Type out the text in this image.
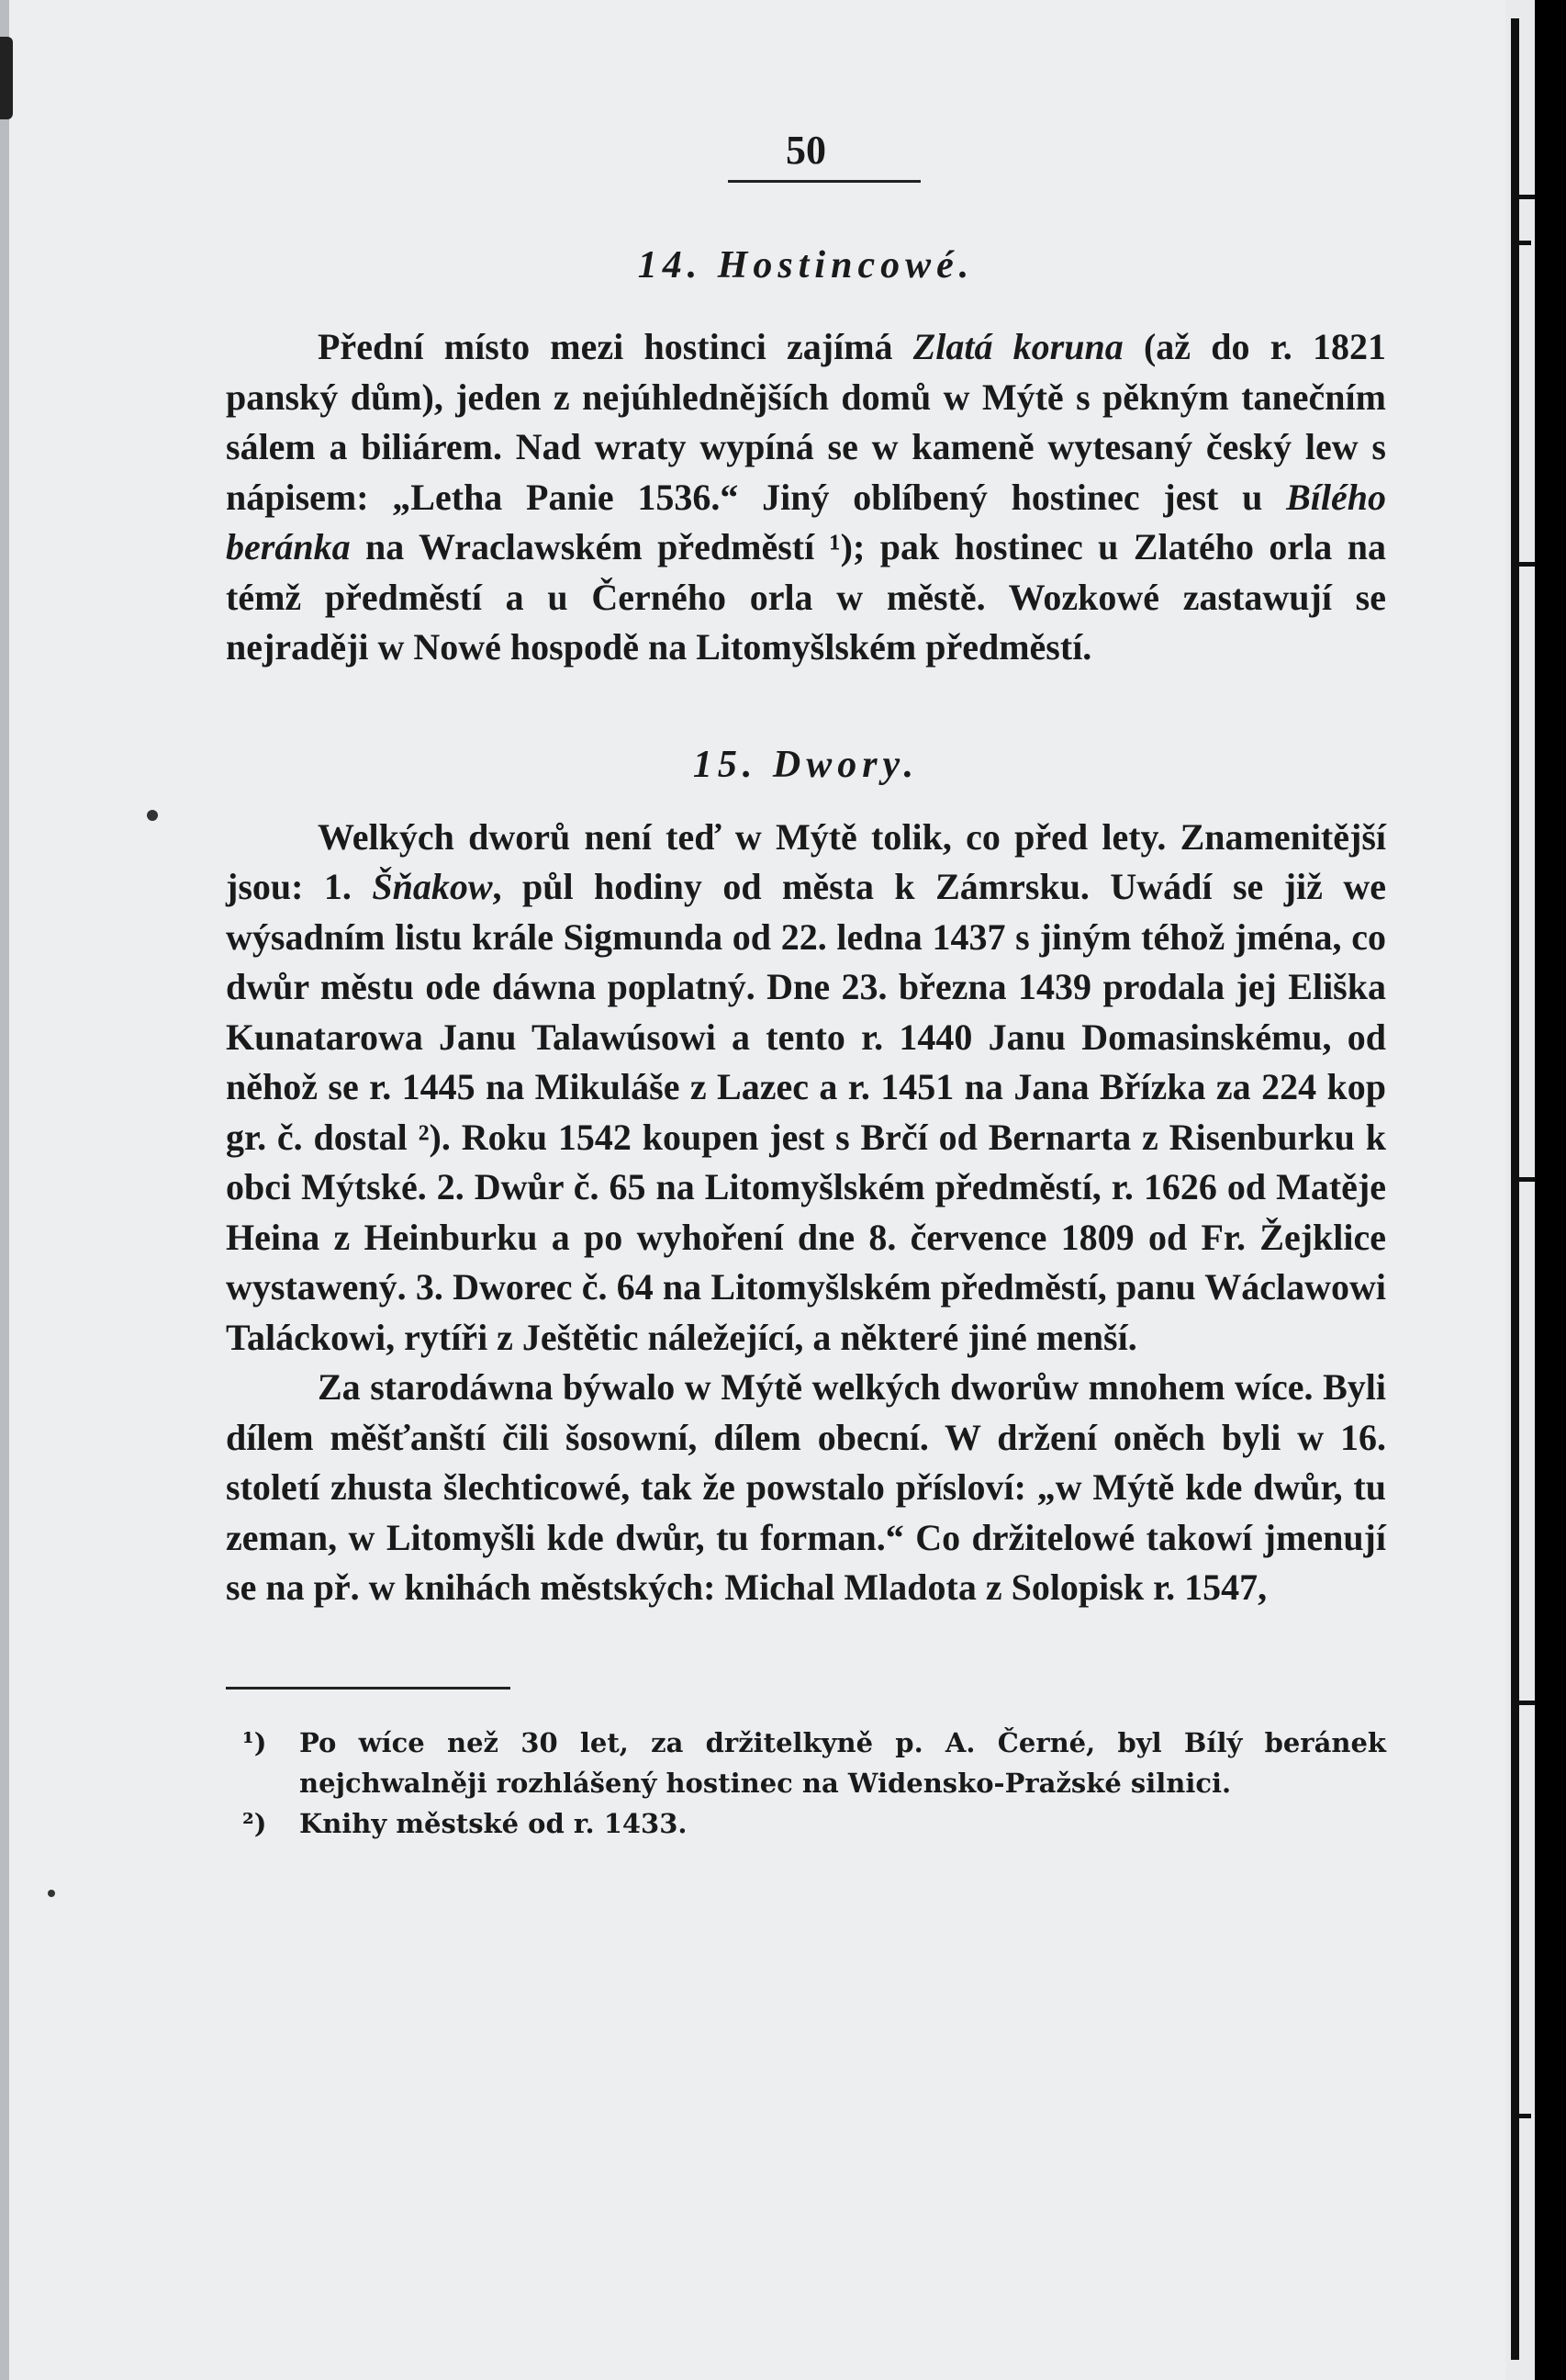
50
14. Hostincowé.

Přední místo mezi hostinci zajímá Zlatá koruna (až do r. 1821 panský dům), jeden z nejúhlednějších domů w Mýtě s pěkným tanečním sálem a biliárem. Nad wraty wypíná se w kameně wytesaný český lew s nápisem: „Letha Panie 1536.“ Jiný oblíbený hostinec jest u Bílého beránka na Wraclawském předměstí ¹); pak hostinec u Zlatého orla na témž předměstí a u Černého orla w městě. Wozkowé zastawují se nejraději w Nowé hospodě na Litomyšlském předměstí.

15. Dwory.

Welkých dworů není teď w Mýtě tolik, co před lety. Znamenitější jsou: 1. Šňakow, půl hodiny od města k Zámrsku. Uwádí se již we wýsadním listu krále Sigmunda od 22. ledna 1437 s jiným téhož jména, co dwůr městu ode dáwna poplatný. Dne 23. března 1439 prodala jej Eliška Kunatarowa Janu Talawúsowi a tento r. 1440 Janu Domasinskému, od něhož se r. 1445 na Mikuláše z Lazec a r. 1451 na Jana Břízka za 224 kop gr. č. dostal ²). Roku 1542 koupen jest s Brčí od Bernarta z Risenburku k obci Mýtské. 2. Dwůr č. 65 na Litomyšlském předměstí, r. 1626 od Matěje Heina z Heinburku a po wyhoření dne 8. července 1809 od Fr. Žejklice wystawený. 3. Dworec č. 64 na Litomyšlském předměstí, panu Wáclawowi Taláckowi, rytíři z Ještětic náležející, a některé jiné menší.

Za starodáwna býwalo w Mýtě welkých dworůw mnohem wíce. Byli dílem měšťanští čili šosowní, dílem obecní. W držení oněch byli w 16. století zhusta šlechticowé, tak že powstalo přísloví: „w Mýtě kde dwůr, tu zeman, w Litomyšli kde dwůr, tu forman.“ Co držitelowé takowí jmenují se na př. w knihách městských: Michal Mladota z Solopisk r. 1547,

¹) Po wíce než 30 let, za držitelkyně p. A. Černé, byl Bílý beránek nejchwalněji rozhlášený hostinec na Widensko-Pražské silnici.
²) Knihy městské od r. 1433.
